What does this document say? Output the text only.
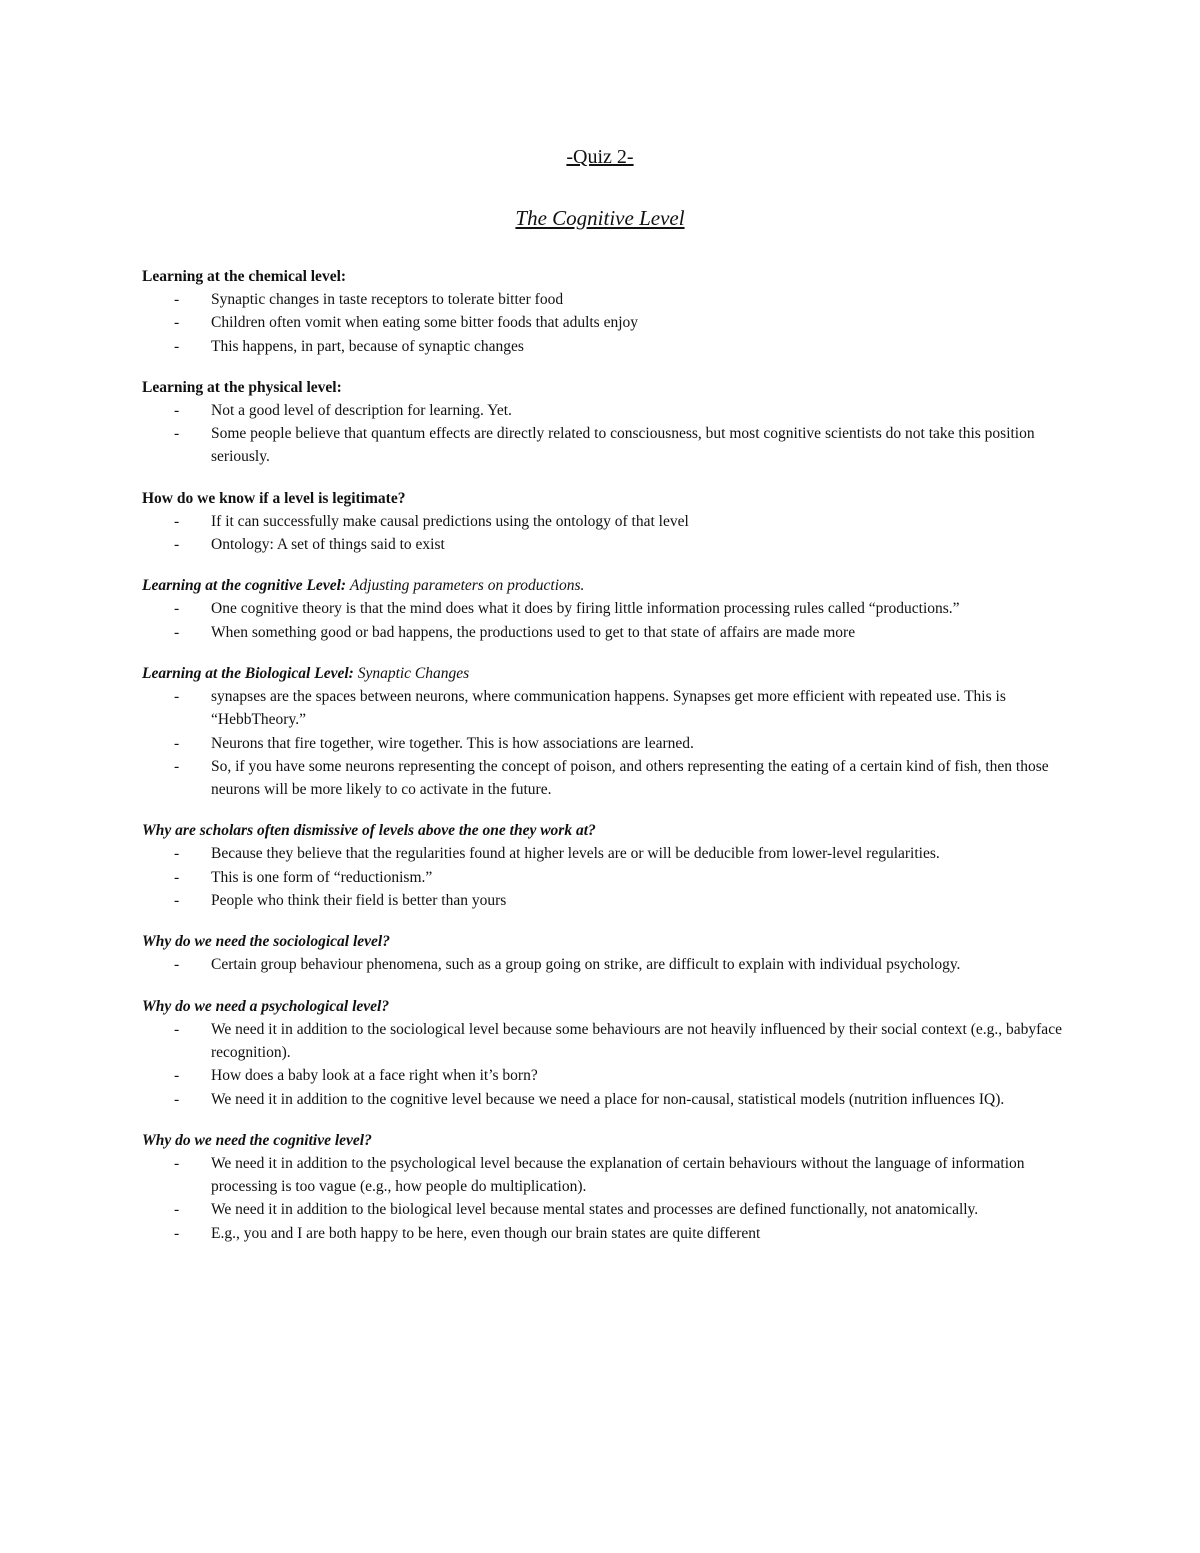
-Quiz 2-
The Cognitive Level

Learning at the chemical level:

- Synaptic changes in taste receptors to tolerate bitter food
- Children often vomit when eating some bitter foods that adults enjoy
- This happens, in part, because of synaptic changes

Learning at the physical level:

- Not a good level of description for learning. Yet.
- Some people believe that quantum effects are directly related to consciousness, but most cognitive scientists do not take this position seriously.

How do we know if a level is legitimate?

- If it can successfully make causal predictions using the ontology of that level
- Ontology: A set of things said to exist

Learning at the cognitive Level: Adjusting parameters on productions.

- One cognitive theory is that the mind does what it does by firing little information processing rules called “productions.”
- When something good or bad happens, the productions used to get to that state of affairs are made more

Learning at the Biological Level: Synaptic Changes

- synapses are the spaces between neurons, where communication happens. Synapses get more efficient with repeated use. This is “HebbTheory.”
- Neurons that fire together, wire together. This is how associations are learned.
- So, if you have some neurons representing the concept of poison, and others representing the eating of a certain kind of fish, then those neurons will be more likely to co activate in the future.

Why are scholars often dismissive of levels above the one they work at?

- Because they believe that the regularities found at higher levels are or will be deducible from lower-level regularities.
- This is one form of “reductionism.”
- People who think their field is better than yours

Why do we need the sociological level?

- Certain group behaviour phenomena, such as a group going on strike, are difficult to explain with individual psychology.

Why do we need a psychological level?

- We need it in addition to the sociological level because some behaviours are not heavily influenced by their social context (e.g., babyface recognition).
- How does a baby look at a face right when it’s born?
- We need it in addition to the cognitive level because we need a place for non-causal, statistical models (nutrition influences IQ).

Why do we need the cognitive level?

- We need it in addition to the psychological level because the explanation of certain behaviours without the language of information processing is too vague (e.g., how people do multiplication).
- We need it in addition to the biological level because mental states and processes are defined functionally, not anatomically.
- E.g., you and I are both happy to be here, even though our brain states are quite different
